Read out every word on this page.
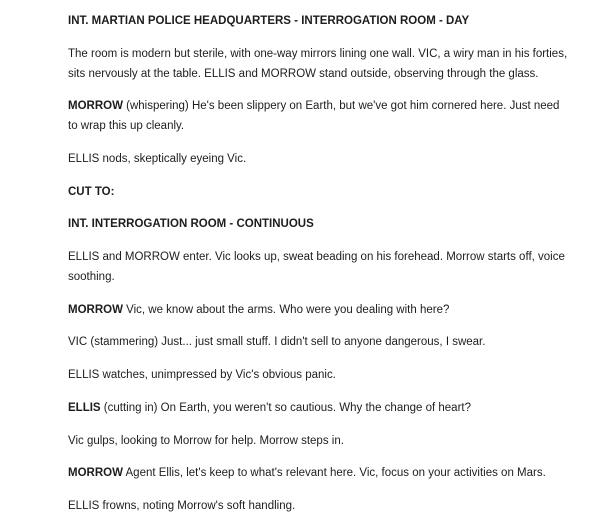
INT. MARTIAN POLICE HEADQUARTERS - INTERROGATION ROOM - DAY

The room is modern but sterile, with one-way mirrors lining one wall. VIC, a wiry man in his forties, sits nervously at the table. ELLIS and MORROW stand outside, observing through the glass.

MORROW (whispering) He's been slippery on Earth, but we've got him cornered here. Just need to wrap this up cleanly.

ELLIS nods, skeptically eyeing Vic.

CUT TO:

INT. INTERROGATION ROOM - CONTINUOUS

ELLIS and MORROW enter. Vic looks up, sweat beading on his forehead. Morrow starts off, voice soothing.

MORROW Vic, we know about the arms. Who were you dealing with here?

VIC (stammering) Just... just small stuff. I didn't sell to anyone dangerous, I swear.

ELLIS watches, unimpressed by Vic's obvious panic.

ELLIS (cutting in) On Earth, you weren't so cautious. Why the change of heart?

Vic gulps, looking to Morrow for help. Morrow steps in.

MORROW Agent Ellis, let's keep to what's relevant here. Vic, focus on your activities on Mars.

ELLIS frowns, noting Morrow's soft handling.
